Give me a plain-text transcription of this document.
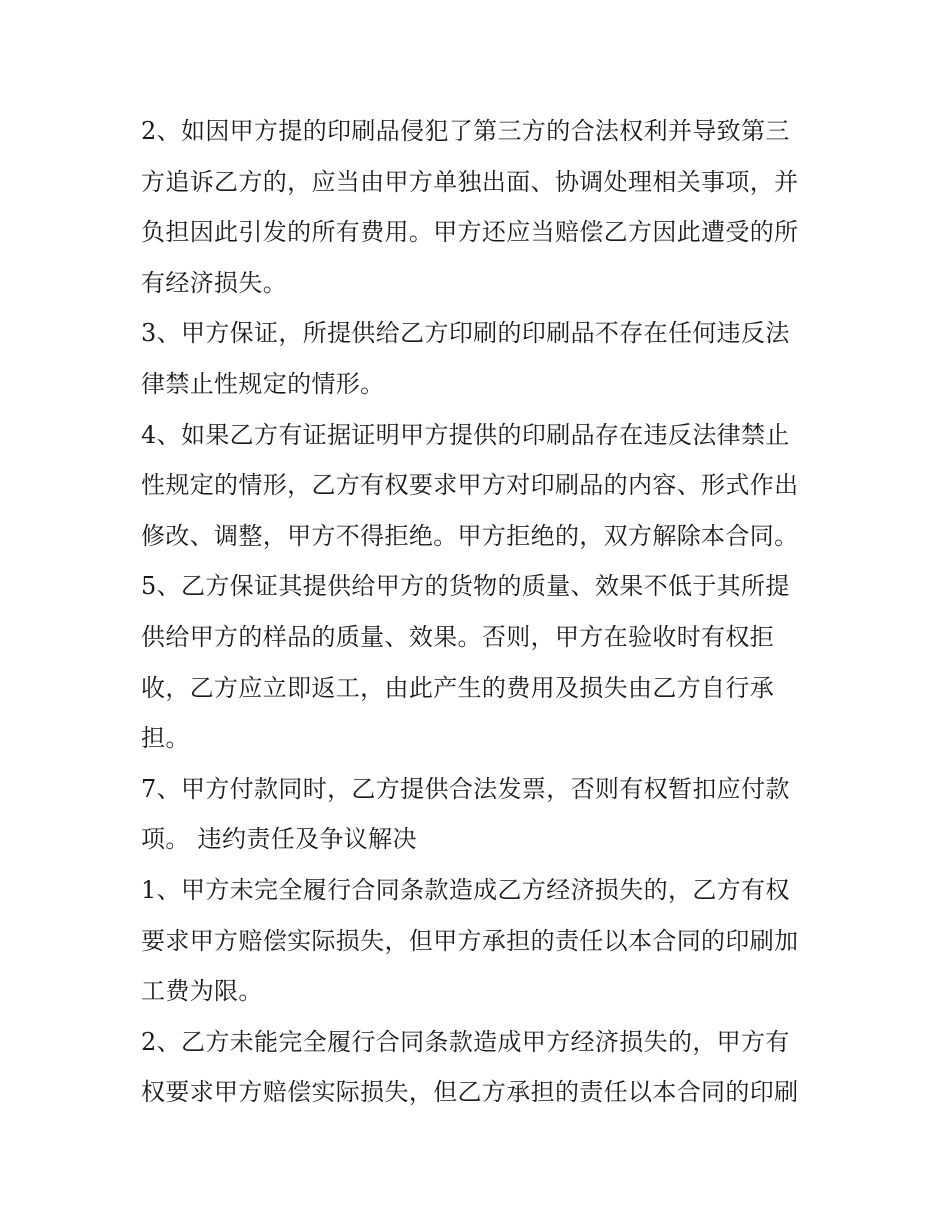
2、如因甲方提的印刷品侵犯了第三方的合法权利并导致第三
方追诉乙方的，应当由甲方单独出面、协调处理相关事项，并
负担因此引发的所有费用。甲方还应当赔偿乙方因此遭受的所
有经济损失。
3、甲方保证，所提供给乙方印刷的印刷品不存在任何违反法
律禁止性规定的情形。
4、如果乙方有证据证明甲方提供的印刷品存在违反法律禁止
性规定的情形，乙方有权要求甲方对印刷品的内容、形式作出
修改、调整，甲方不得拒绝。甲方拒绝的，双方解除本合同。
5、乙方保证其提供给甲方的货物的质量、效果不低于其所提
供给甲方的样品的质量、效果。否则，甲方在验收时有权拒
收，乙方应立即返工，由此产生的费用及损失由乙方自行承
担。
7、甲方付款同时，乙方提供合法发票，否则有权暂扣应付款
项。 违约责任及争议解决
1、甲方未完全履行合同条款造成乙方经济损失的，乙方有权
要求甲方赔偿实际损失，但甲方承担的责任以本合同的印刷加
工费为限。
2、乙方未能完全履行合同条款造成甲方经济损失的，甲方有
权要求甲方赔偿实际损失，但乙方承担的责任以本合同的印刷
